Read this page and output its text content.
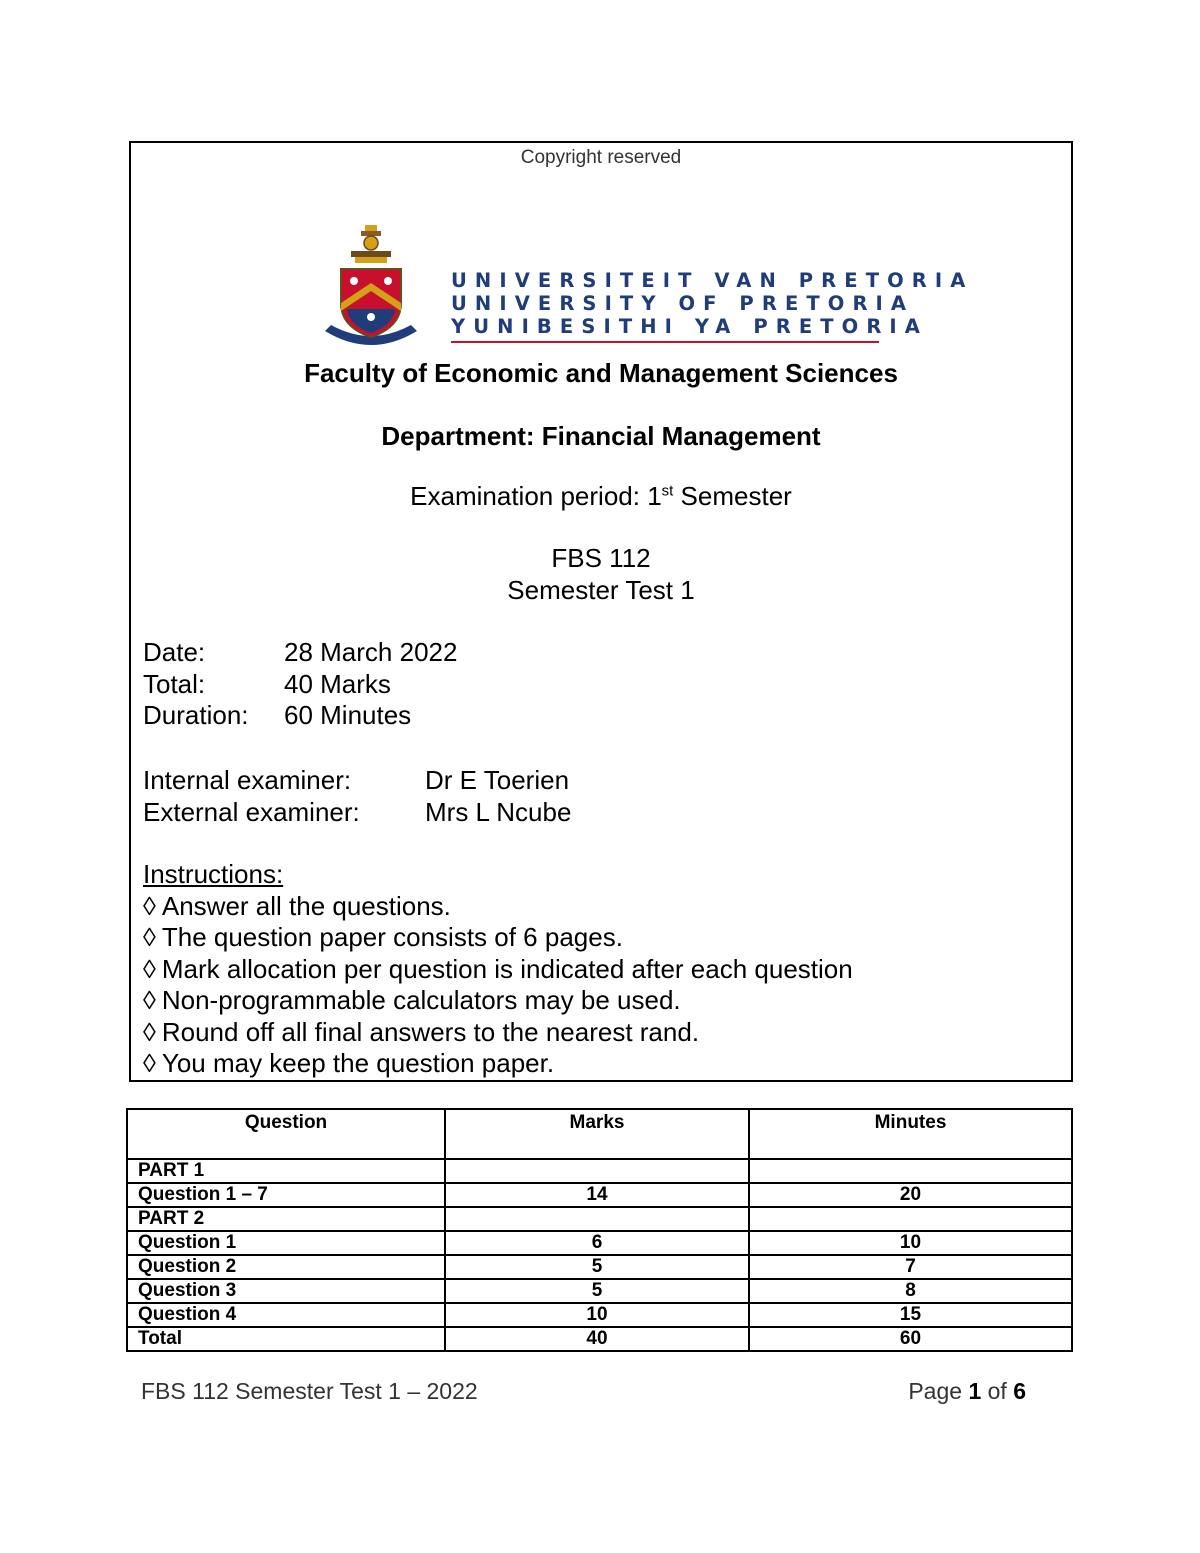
Copyright reserved
UNIVERSITEIT VAN PRETORIA
UNIVERSITY OF PRETORIA
YUNIBESITHI YA PRETORIA
Faculty of Economic and Management Sciences
Department: Financial Management
Examination period: 1st Semester
FBS 112
Semester Test 1
Date:	28 March 2022
Total:	40 Marks
Duration:	60 Minutes
Internal examiner:	Dr E Toerien
External examiner:	Mrs L Ncube
Instructions:
◊ Answer all the questions.
◊ The question paper consists of 6 pages.
◊ Mark allocation per question is indicated after each question
◊ Non-programmable calculators may be used.
◊ Round off all final answers to the nearest rand.
◊ You may keep the question paper.
Question	Marks	Minutes
PART 1		
Question 1 – 7	14	20
PART 2		
Question 1	6	10
Question 2	5	7
Question 3	5	8
Question 4	10	15
Total	40	60
FBS 112 Semester Test 1 – 2022	Page 1 of 6
